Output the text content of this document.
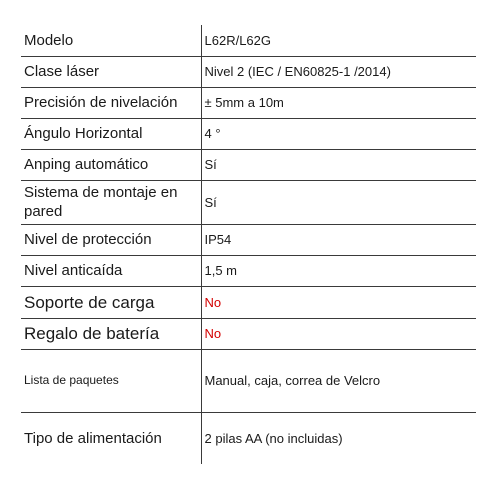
Modelo	L62R/L62G
Clase láser	Nivel 2 (IEC / EN60825-1 /2014)
Precisión de nivelación	± 5mm a 10m
Ángulo Horizontal	4 °
Anping automático	Sí
Sistema de montaje en pared	Sí
Nivel de protección	IP54
Nivel anticaída	1,5 m
Soporte de carga	No
Regalo de batería	No
Lista de paquetes	Manual, caja, correa de Velcro
Tipo de alimentación	2 pilas AA (no incluidas)
